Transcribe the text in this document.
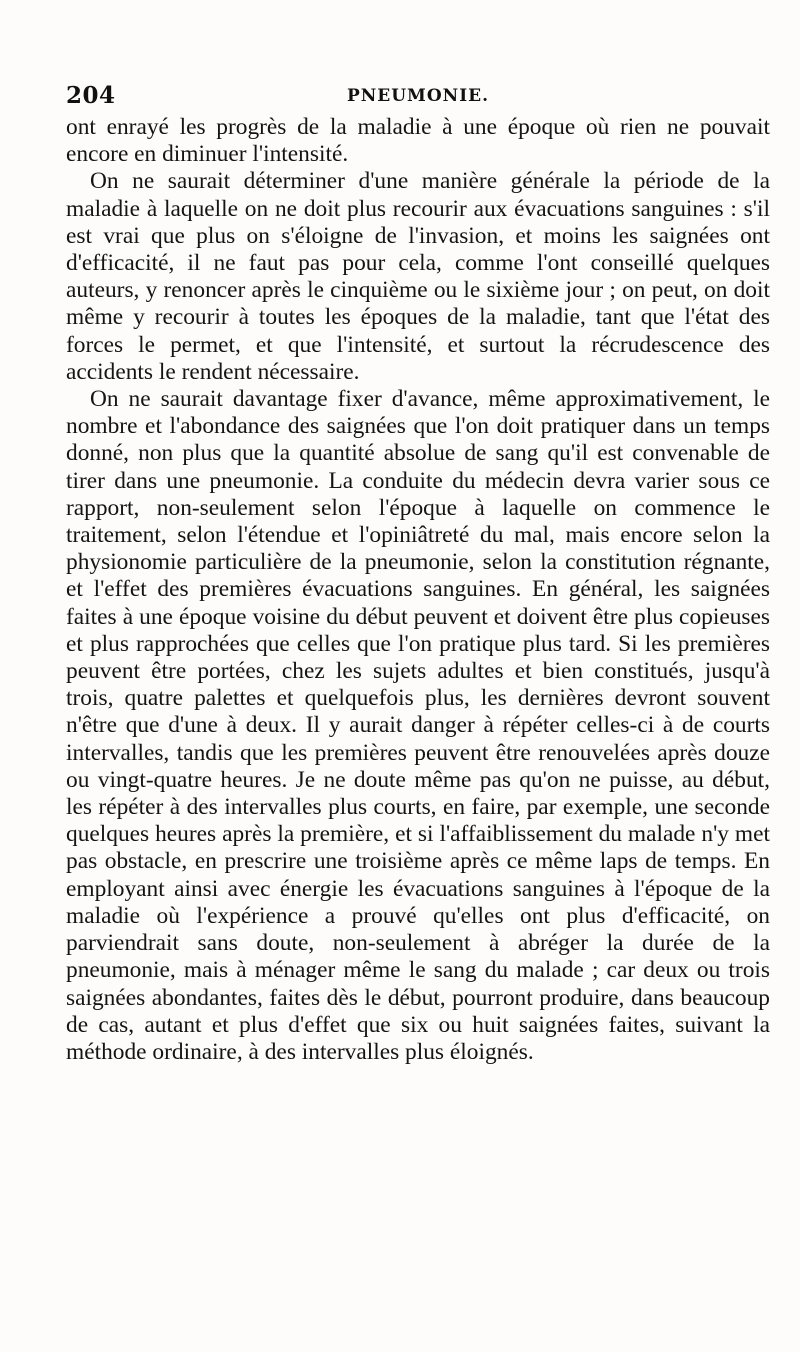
204	PNEUMONIE.

ont enrayé les progrès de la maladie à une époque où rien ne pouvait encore en diminuer l'intensité.

On ne saurait déterminer d'une manière générale la période de la maladie à laquelle on ne doit plus recourir aux évacuations sanguines : s'il est vrai que plus on s'éloigne de l'invasion, et moins les saignées ont d'efficacité, il ne faut pas pour cela, comme l'ont conseillé quelques auteurs, y renoncer après le cinquième ou le sixième jour ; on peut, on doit même y recourir à toutes les époques de la maladie, tant que l'état des forces le permet, et que l'intensité, et surtout la récrudescence des accidents le rendent nécessaire.

On ne saurait davantage fixer d'avance, même approximativement, le nombre et l'abondance des saignées que l'on doit pratiquer dans un temps donné, non plus que la quantité absolue de sang qu'il est convenable de tirer dans une pneumonie. La conduite du médecin devra varier sous ce rapport, non-seulement selon l'époque à laquelle on commence le traitement, selon l'étendue et l'opiniâtreté du mal, mais encore selon la physionomie particulière de la pneumonie, selon la constitution régnante, et l'effet des premières évacuations sanguines. En général, les saignées faites à une époque voisine du début peuvent et doivent être plus copieuses et plus rapprochées que celles que l'on pratique plus tard. Si les premières peuvent être portées, chez les sujets adultes et bien constitués, jusqu'à trois, quatre palettes et quelquefois plus, les dernières devront souvent n'être que d'une à deux. Il y aurait danger à répéter celles-ci à de courts intervalles, tandis que les premières peuvent être renouvelées après douze ou vingt-quatre heures. Je ne doute même pas qu'on ne puisse, au début, les répéter à des intervalles plus courts, en faire, par exemple, une seconde quelques heures après la première, et si l'affaiblissement du malade n'y met pas obstacle, en prescrire une troisième après ce même laps de temps. En employant ainsi avec énergie les évacuations sanguines à l'époque de la maladie où l'expérience a prouvé qu'elles ont plus d'efficacité, on parviendrait sans doute, non-seulement à abréger la durée de la pneumonie, mais à ménager même le sang du malade ; car deux ou trois saignées abondantes, faites dès le début, pourront produire, dans beaucoup de cas, autant et plus d'effet que six ou huit saignées faites, suivant la méthode ordinaire, à des intervalles plus éloignés.
